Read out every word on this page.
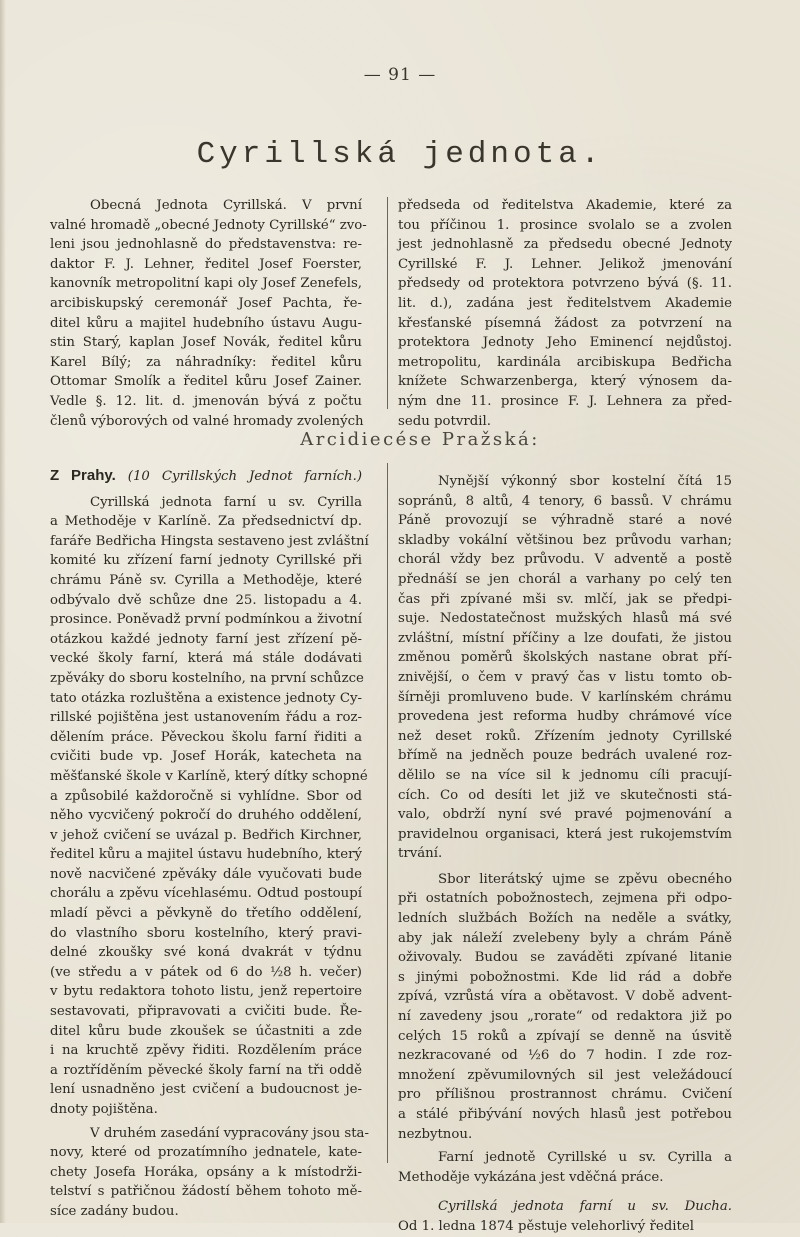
— 91 —
Cyrillská jednota.

Obecná Jednota Cyrillská. V první
valné hromadě „obecné Jednoty Cyrillské“ zvo-
leni jsou jednohlasně do představenstva: re-
daktor F. J. Lehner, ředitel Josef Foerster,
kanovník metropolitní kapi oly Josef Zenefels,
arcibiskupský ceremonář Josef Pachta, ře-
ditel kůru a majitel hudebního ústavu Augu-
stin Starý, kaplan Josef Novák, ředitel kůru
Karel Bílý; za náhradníky: ředitel kůru
Ottomar Smolík a ředitel kůru Josef Zainer.
Vedle §. 12. lit. d. jmenován bývá z počtu
členů výborových od valné hromady zvolených

předseda od ředitelstva Akademie, které za
tou příčinou 1. prosince svolalo se a zvolen
jest jednohlasně za předsedu obecné Jednoty
Cyrillské F. J. Lehner. Jelikož jmenování
předsedy od protektora potvrzeno bývá (§. 11.
lit. d.), zadána jest ředitelstvem Akademie
křesťanské písemná žádost za potvrzení na
protektora Jednoty Jeho Eminencí nejdůstoj.
metropolitu, kardinála arcibiskupa Bedřicha
knížete Schwarzenberga, který výnosem da-
ným dne 11. prosince F. J. Lehnera za před-
sedu potvrdil.

Arcidiecése Pražská:
Z Prahy. (10 Cyrillských Jednot farních.)

Cyrillská jednota farní u sv. Cyrilla
a Methoděje v Karlíně. Za předsednictví dp.
faráře Bedřicha Hingsta sestaveno jest zvláštní
komité ku zřízení farní jednoty Cyrillské při
chrámu Páně sv. Cyrilla a Methoděje, které
odbývalo dvě schůze dne 25. listopadu a 4.
prosince. Poněvadž první podmínkou a životní
otázkou každé jednoty farní jest zřízení pě-
vecké školy farní, která má stále dodávati
zpěváky do sboru kostelního, na první schůzce
tato otázka rozluštěna a existence jednoty Cy-
rillské pojištěna jest ustanovením řádu a roz-
dělením práce. Pěveckou školu farní řiditi a
cvičiti bude vp. Josef Horák, katecheta na
měšťanské škole v Karlíně, který dítky schopné
a způsobilé každoročně si vyhlídne. Sbor od
něho vycvičený pokročí do druhého oddělení,
v jehož cvičení se uvázal p. Bedřich Kirchner,
ředitel kůru a majitel ústavu hudebního, který
nově nacvičené zpěváky dále vyučovati bude
chorálu a zpěvu vícehlasému. Odtud postoupí
mladí pěvci a pěvkyně do třetího oddělení,
do vlastního sboru kostelního, který pravi-
delné zkoušky své koná dvakrát v týdnu
(ve středu a v pátek od 6 do ½8 h. večer)
v bytu redaktora tohoto listu, jenž repertoire
sestavovati, připravovati a cvičiti bude. Ře-
ditel kůru bude zkoušek se účastniti a zde
i na kruchtě zpěvy řiditi. Rozdělením práce
a roztříděním pěvecké školy farní na tři oddě
lení usnadněno jest cvičení a budoucnost je-
dnoty pojištěna.

V druhém zasedání vypracovány jsou sta-
novy, které od prozatímního jednatele, kate-
chety Josefa Horáka, opsány a k místodrži-
telství s patřičnou žádostí během tohoto mě-
síce zadány budou.

Nynější výkonný sbor kostelní čítá 15
sopránů, 8 altů, 4 tenory, 6 bassů. V chrámu
Páně provozují se výhradně staré a nové
skladby vokální většinou bez průvodu varhan;
chorál vždy bez průvodu. V adventě a postě
přednáší se jen chorál a varhany po celý ten
čas při zpívané mši sv. mlčí, jak se předpi-
suje. Nedostatečnost mužských hlasů má své
zvláštní, místní příčiny a lze doufati, že jistou
změnou poměrů školských nastane obrat pří-
znivější, o čem v pravý čas v listu tomto ob-
šírněji promluveno bude. V karlínském chrámu
provedena jest reforma hudby chrámové více
než deset roků. Zřízením jednoty Cyrillské
břímě na jedněch pouze bedrách uvalené roz-
dělilo se na více sil k jednomu cíli pracují-
cích. Co od desíti let již ve skutečnosti stá-
valo, obdrží nyní své pravé pojmenování a
pravidelnou organisaci, která jest rukojemstvím
trvání.

Sbor literátský ujme se zpěvu obecného
při ostatních pobožnostech, zejmena při odpo-
ledních službách Božích na neděle a svátky,
aby jak náleží zvelebeny byly a chrám Páně
oživovaly. Budou se zaváděti zpívané litanie
s jinými pobožnostmi. Kde lid rád a dobře
zpívá, vzrůstá víra a obětavost. V době advent-
ní zavedeny jsou „rorate“ od redaktora již po
celých 15 roků a zpívají se denně na úsvitě
nezkracované od ½6 do 7 hodin. I zde roz-
množení zpěvumilovných sil jest veležádoucí
pro přílišnou prostrannost chrámu. Cvičení
a stálé přibývání nových hlasů jest potřebou
nezbytnou.

Farní jednotě Cyrillské u sv. Cyrilla a
Methoděje vykázána jest vděčná práce.

Cyrillská jednota farní u sv. Ducha.

Od 1. ledna 1874 pěstuje velehorlivý ředitel
